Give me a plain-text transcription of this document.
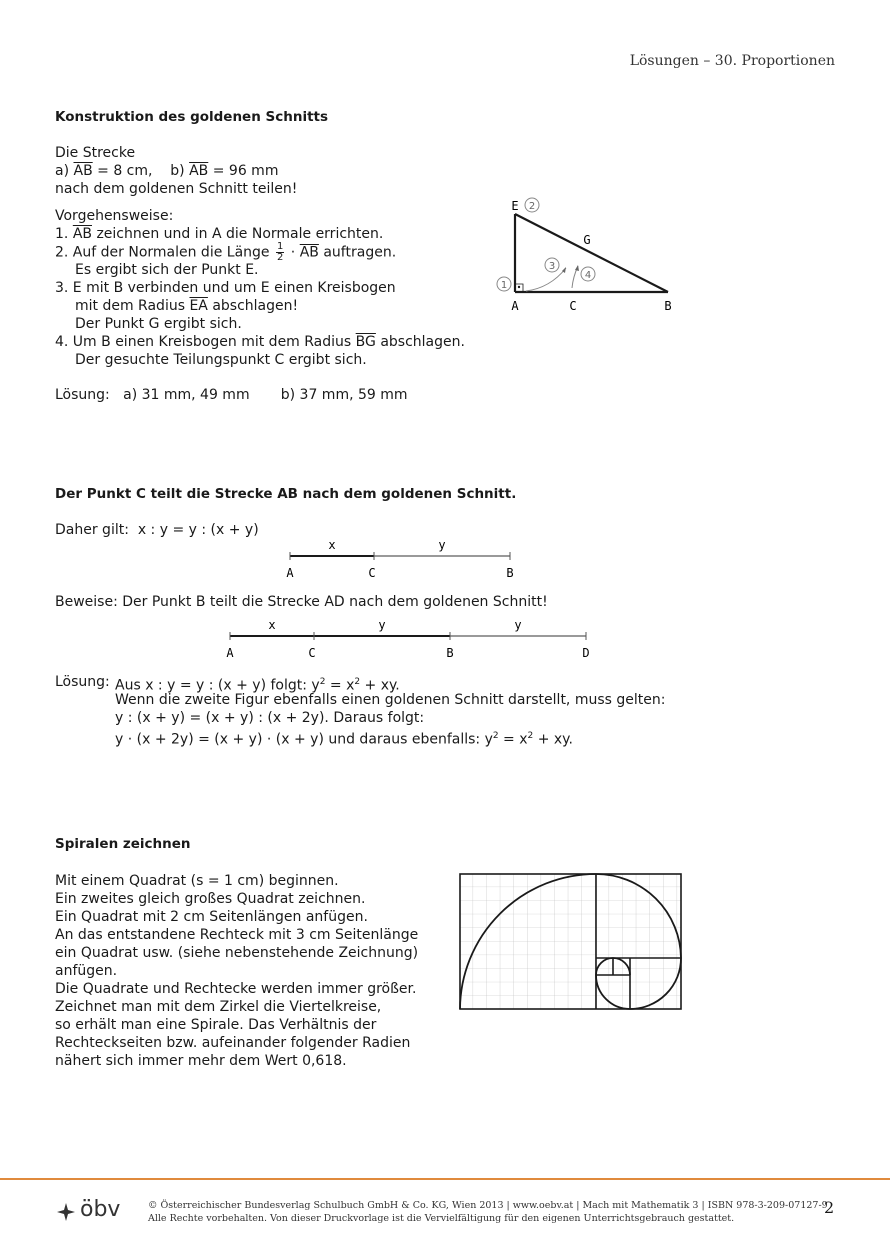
Lösungen – 30. Proportionen
Konstruktion des goldenen Schnitts
Die Strecke
a) $\overline{AB} = 8$ cm, b) $\overline{AB} = 96$ mm
nach dem goldenen Schnitt teilen!
Vorgehensweise:
1. $\overline{AB}$ zeichnen und in A die Normale errichten.
2. Auf der Normalen die Länge $\frac{1}{2} \cdot \overline{AB}$ auftragen.
Es ergibt sich der Punkt E.
3. E mit B verbinden und um E einen Kreisbogen
mit dem Radius $\overline{EA}$ abschlagen!
Der Punkt G ergibt sich.
4. Um B einen Kreisbogen mit dem Radius $\overline{BG}$ abschlagen.
Der gesuchte Teilungspunkt C ergibt sich.
Lösung:   a) 31 mm, 49 mm       b) 37 mm, 59 mm
1
2
3
4
E
G
A	C	B
Der Punkt C teilt die Strecke AB nach dem goldenen Schnitt.
Daher gilt:  x : y = y : (x + y)
x	y
A	C	B
Beweise: Der Punkt B teilt die Strecke AD nach dem goldenen Schnitt!
x	y	y
A	C	B	D
Lösung: Aus x : y = y : (x + y) folgt: $y^2 = x^2$ + xy.
Wenn die zweite Figur ebenfalls einen goldenen Schnitt darstellt, muss gelten:
y : (x + y) = (x + y) : (x + 2y). Daraus folgt:
y · (x + 2y) = (x + y) · (x + y) und daraus ebenfalls: $y^2 = x^2$ + xy.
Spiralen zeichnen
Mit einem Quadrat (s = 1 cm) beginnen.
Ein zweites gleich großes Quadrat zeichnen.
Ein Quadrat mit 2 cm Seitenlängen anfügen.
An das entstandene Rechteck mit 3 cm Seitenlänge
ein Quadrat usw. (siehe nebenstehende Zeichnung)
anfügen.
Die Quadrate und Rechtecke werden immer größer.
Zeichnet man mit dem Zirkel die Viertelkreise,
so erhält man eine Spirale. Das Verhältnis der
Rechteckseiten bzw. aufeinander folgender Radien
nähert sich immer mehr dem Wert 0,618.
öbv	© Österreichischer Bundesverlag Schulbuch GmbH & Co. KG, Wien 2013 | www.oebv.at | Mach mit Mathematik 3 | ISBN 978-3-209-07127-9
Alle Rechte vorbehalten. Von dieser Druckvorlage ist die Vervielfältigung für den eigenen Unterrichtsgebrauch gestattet.
2
